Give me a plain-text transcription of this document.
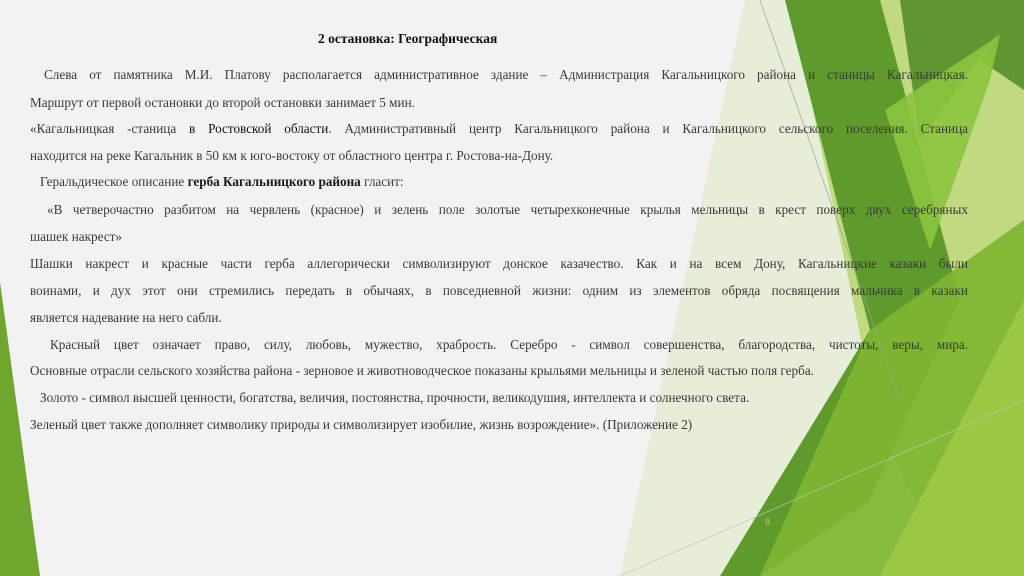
2 остановка: Географическая
Слева от памятника М.И. Платову располагается административное здание – Администрация Кагальницкого района и станицы Кагальницкая.
Маршрут от первой остановки до второй остановки занимает 5 мин.
«Кагальницкая -станица в Ростовской области. Административный центр Кагальницкого района и Кагальницкого сельского поселения. Станица
находится на реке Кагальник в 50 км к юго-востоку от областного центра г. Ростова-на-Дону.
Геральдическое описание герба Кагальницкого района гласит:
«В четверочастно разбитом на червлень (красное) и зелень поле золотые четырехконечные крылья мельницы в крест поверх двух серебряных
шашек накрест»
Шашки накрест и красные части герба аллегорически символизируют донское казачество. Как и на всем Дону, Кагальницкие казаки были
воинами, и дух этот они стремились передать в обычаях, в повседневной жизни: одним из элементов обряда посвящения мальчика в казаки
является надевание на него сабли.
Красный цвет означает право, силу, любовь, мужество, храбрость. Серебро - символ совершенства, благородства, чистоты, веры, мира.
Основные отрасли сельского хозяйства района - зерновое и животноводческое показаны крыльями мельницы и зеленой частью поля герба.
Золото - символ высшей ценности, богатства, величия, постоянства, прочности, великодушия, интеллекта и солнечного света.
Зеленый цвет также дополняет символику природы и символизирует изобилие, жизнь возрождение». (Приложение 2)
8
